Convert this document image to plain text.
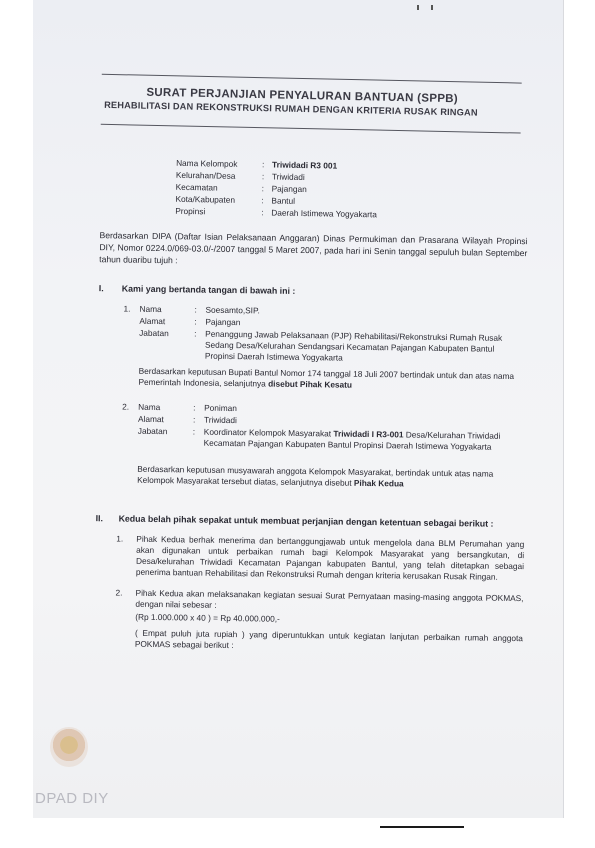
SURAT PERJANJIAN PENYALURAN BANTUAN (SPPB)
REHABILITASI DAN REKONSTRUKSI RUMAH DENGAN KRITERIA RUSAK RINGAN
Nama Kelompok	: Triwidadi R3 001
Kelurahan/Desa	: Triwidadi
Kecamatan	: Pajangan
Kota/Kabupaten	: Bantul
Propinsi	: Daerah Istimewa Yogyakarta
Berdasarkan DIPA (Daftar Isian Pelaksanaan Anggaran) Dinas Permukiman dan Prasarana Wilayah Propinsi DIY, Nomor 0224.0/069-03.0/-/2007 tanggal 5 Maret 2007, pada hari ini Senin tanggal sepuluh bulan September tahun duaribu tujuh :
I. Kami yang bertanda tangan di bawah ini :
1. Nama	: Soesamto,SIP.
Alamat	: Pajangan
Jabatan	: Penanggung Jawab Pelaksanaan (PJP) Rehabilitasi/Rekonstruksi Rumah Rusak Sedang Desa/Kelurahan Sendangsari Kecamatan Pajangan Kabupaten Bantul Propinsi Daerah Istimewa Yogyakarta
Berdasarkan keputusan Bupati Bantul Nomor 174 tanggal 18 Juli 2007 bertindak untuk dan atas nama Pemerintah Indonesia, selanjutnya disebut Pihak Kesatu
2. Nama	: Poniman
Alamat	: Triwidadi
Jabatan	: Koordinator Kelompok Masyarakat Triwidadi I R3-001 Desa/Kelurahan Triwidadi Kecamatan Pajangan Kabupaten Bantul Propinsi Daerah Istimewa Yogyakarta
Berdasarkan keputusan musyawarah anggota Kelompok Masyarakat, bertindak untuk atas nama Kelompok Masyarakat tersebut diatas, selanjutnya disebut Pihak Kedua
II. Kedua belah pihak sepakat untuk membuat perjanjian dengan ketentuan sebagai berikut :
1. Pihak Kedua berhak menerima dan bertanggungjawab untuk mengelola dana BLM Perumahan yang akan digunakan untuk perbaikan rumah bagi Kelompok Masyarakat yang bersangkutan, di Desa/kelurahan Triwidadi Kecamatan Pajangan kabupaten Bantul, yang telah ditetapkan sebagai penerima bantuan Rehabilitasi dan Rekonstruksi Rumah dengan kriteria kerusakan Rusak Ringan.
2. Pihak Kedua akan melaksanakan kegiatan sesuai Surat Pernyataan masing-masing anggota POKMAS, dengan nilai sebesar :
(Rp 1.000.000 x 40 ) = Rp 40.000.000,-
( Empat puluh juta rupiah ) yang diperuntukkan untuk kegiatan lanjutan perbaikan rumah anggota POKMAS sebagai berikut :
DPAD DIY
